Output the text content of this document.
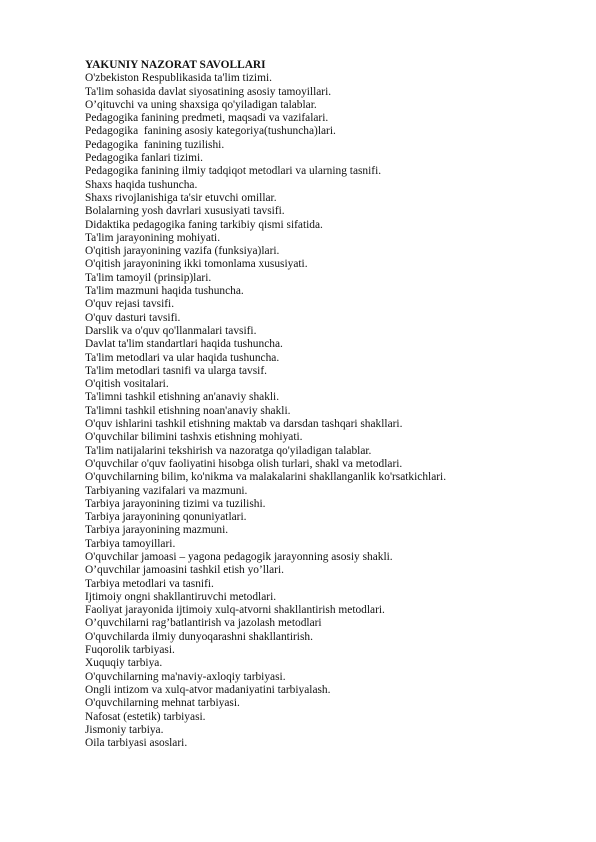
YAKUNIY NAZORAT SAVOLLARI
O'zbekiston Respublikasida ta'lim tizimi.
Ta'lim sohasida davlat siyosatining asosiy tamoyillari.
O’qituvchi va uning shaxsiga qo'yiladigan talablar.
Pedagogika fanining predmeti, maqsadi va vazifalari.
Pedagogika  fanining asosiy kategoriya(tushuncha)lari.
Pedagogika  fanining tuzilishi.
Pedagogika fanlari tizimi.
Pedagogika fanining ilmiy tadqiqot metodlari va ularning tasnifi.
Shaxs haqida tushuncha.
Shaxs rivojlanishiga ta'sir etuvchi omillar.
Bolalarning yosh davrlari xususiyati tavsifi.
Didaktika pedagogika faning tarkibiy qismi sifatida.
Ta'lim jarayonining mohiyati.
O'qitish jarayonining vazifa (funksiya)lari.
O'qitish jarayonining ikki tomonlama xususiyati.
Ta'lim tamoyil (prinsip)lari.
Ta'lim mazmuni haqida tushuncha.
O'quv rejasi tavsifi.
O'quv dasturi tavsifi.
Darslik va o'quv qo'llanmalari tavsifi.
Davlat ta'lim standartlari haqida tushuncha.
Ta'lim metodlari va ular haqida tushuncha.
Ta'lim metodlari tasnifi va ularga tavsif.
O'qitish vositalari.
Ta'limni tashkil etishning an'anaviy shakli.
Ta'limni tashkil etishning noan'anaviy shakli.
O'quv ishlarini tashkil etishning maktab va darsdan tashqari shakllari.
O'quvchilar bilimini tashxis etishning mohiyati.
Ta'lim natijalarini tekshirish va nazoratga qo'yiladigan talablar.
O'quvchilar o'quv faoliyatini hisobga olish turlari, shakl va metodlari.
O'quvchilarning bilim, ko'nikma va malakalarini shakllanganlik ko'rsatkichlari.
Tarbiyaning vazifalari va mazmuni.
Tarbiya jarayonining tizimi va tuzilishi.
Tarbiya jarayonining qonuniyatlari.
Tarbiya jarayonining mazmuni.
Tarbiya tamoyillari.
O'quvchilar jamoasi – yagona pedagogik jarayonning asosiy shakli.
O’quvchilar jamoasini tashkil etish yo’llari.
Tarbiya metodlari va tasnifi.
Ijtimoiy ongni shakllantiruvchi metodlari.
Faoliyat jarayonida ijtimoiy xulq-atvorni shakllantirish metodlari.
O’quvchilarni rag’batlantirish va jazolash metodlari
O'quvchilarda ilmiy dunyoqarashni shakllantirish.
Fuqorolik tarbiyasi.
Xuquqiy tarbiya.
O'quvchilarning ma'naviy-axloqiy tarbiyasi.
Ongli intizom va xulq-atvor madaniyatini tarbiyalash.
O'quvchilarning mehnat tarbiyasi.
Nafosat (estetik) tarbiyasi.
Jismoniy tarbiya.
Oila tarbiyasi asoslari.
